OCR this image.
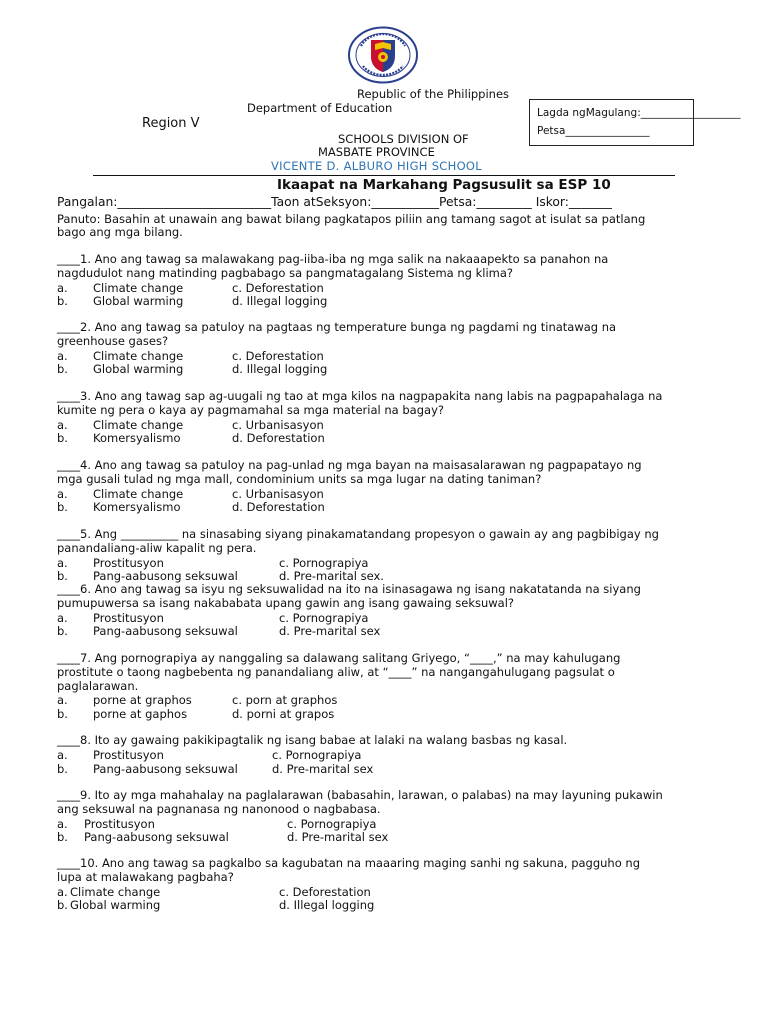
Republic of the Philippines
Department of Education
Region V
SCHOOLS DIVISION OF
MASBATE PROVINCE
VICENTE D. ALBURO HIGH SCHOOL
Lagda ngMagulang:___________________
Petsa________________
Ikaapat na Markahang Pagsusulit sa ESP 10
Pangalan:_________________________Taon atSeksyon:___________Petsa:_________ Iskor:_______
Panuto: Basahin at unawain ang bawat bilang pagkatapos piliin ang tamang sagot at isulat sa patlang
bago ang mga bilang.
____1. Ano ang tawag sa malawakang pag-iiba-iba ng mga salik na nakaaapekto sa panahon na
nagdudulot nang matinding pagbabago sa pangmatagalang Sistema ng klima?
a. Climate change	c. Deforestation
b. Global warming	d. Illegal logging
____2. Ano ang tawag sa patuloy na pagtaas ng temperature bunga ng pagdami ng tinatawag na
greenhouse gases?
a. Climate change	c. Deforestation
b. Global warming	d. Illegal logging
____3. Ano ang tawag sap ag-uugali ng tao at mga kilos na nagpapakita nang labis na pagpapahalaga na
kumite ng pera o kaya ay pagmamahal sa mga material na bagay?
a. Climate change	c. Urbanisasyon
b. Komersyalismo	d. Deforestation
____4. Ano ang tawag sa patuloy na pag-unlad ng mga bayan na maisasalarawan ng pagpapatayo ng
mga gusali tulad ng mga mall, condominium units sa mga lugar na dating taniman?
a. Climate change	c. Urbanisasyon
b. Komersyalismo	d. Deforestation
____5. Ang __________ na sinasabing siyang pinakamatandang propesyon o gawain ay ang pagbibigay ng
panandaliang-aliw kapalit ng pera.
a. Prostitusyon	c. Pornograpiya
b. Pang-aabusong seksuwal	d. Pre-marital sex.
____6. Ano ang tawag sa isyu ng seksuwalidad na ito na isinasagawa ng isang nakatatanda na siyang
pumupuwersa sa isang nakababata upang gawin ang isang gawaing seksuwal?
a. Prostitusyon	c. Pornograpiya
b. Pang-aabusong seksuwal	d. Pre-marital sex
____7. Ang pornograpiya ay nanggaling sa dalawang salitang Griyego, “____,” na may kahulugang
prostitute o taong nagbebenta ng panandaliang aliw, at “____” na nangangahulugang pagsulat o
paglalarawan.
a. porne at graphos	c. porn at graphos
b. porne at gaphos	d. porni at grapos
____8. Ito ay gawaing pakikipagtalik ng isang babae at lalaki na walang basbas ng kasal.
a. Prostitusyon	c. Pornograpiya
b. Pang-aabusong seksuwal	d. Pre-marital sex
____9. Ito ay mga mahahalay na paglalarawan (babasahin, larawan, o palabas) na may layuning pukawin
ang seksuwal na pagnanasa ng nanonood o nagbabasa.
a. Prostitusyon	c. Pornograpiya
b. Pang-aabusong seksuwal	d. Pre-marital sex
____10. Ano ang tawag sa pagkalbo sa kagubatan na maaaring maging sanhi ng sakuna, pagguho ng
lupa at malawakang pagbaha?
a. Climate change	c. Deforestation
b. Global warming	d. Illegal logging
